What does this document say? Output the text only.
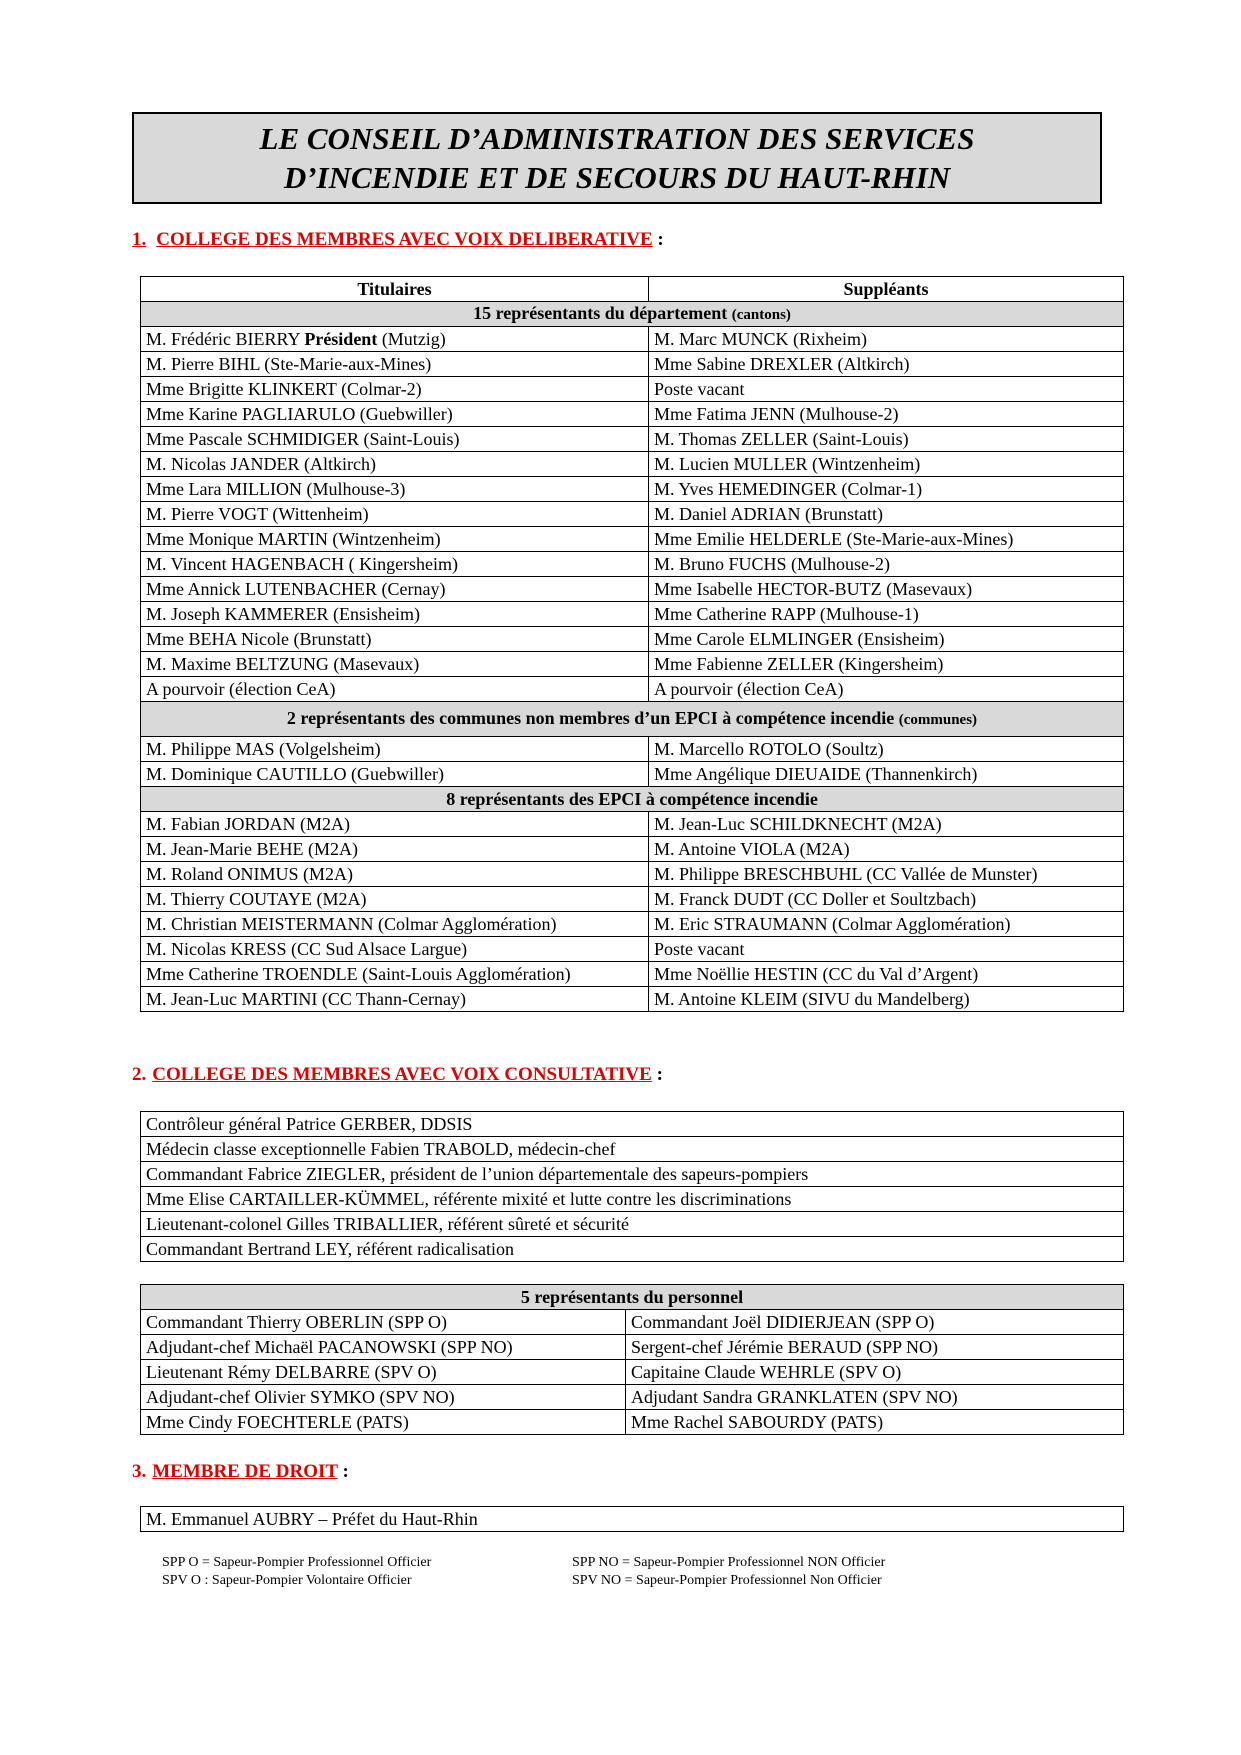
LE CONSEIL D’ADMINISTRATION DES SERVICES
D’INCENDIE ET DE SECOURS DU HAUT-RHIN
1. COLLEGE DES MEMBRES AVEC VOIX DELIBERATIVE :
Titulaires	Suppléants
15 représentants du département (cantons)	
M. Frédéric BIERRY Président (Mutzig)	M. Marc MUNCK (Rixheim)
M. Pierre BIHL (Ste-Marie-aux-Mines)	Mme Sabine DREXLER (Altkirch)
Mme Brigitte KLINKERT (Colmar-2)	Poste vacant
Mme Karine PAGLIARULO (Guebwiller)	Mme Fatima JENN (Mulhouse-2)
Mme Pascale SCHMIDIGER (Saint-Louis)	M. Thomas ZELLER (Saint-Louis)
M. Nicolas JANDER (Altkirch)	M. Lucien MULLER (Wintzenheim)
Mme Lara MILLION (Mulhouse-3)	M. Yves HEMEDINGER (Colmar-1)
M. Pierre VOGT (Wittenheim)	M. Daniel ADRIAN (Brunstatt)
Mme Monique MARTIN (Wintzenheim)	Mme Emilie HELDERLE (Ste-Marie-aux-Mines)
M. Vincent HAGENBACH ( Kingersheim)	M. Bruno FUCHS (Mulhouse-2)
Mme Annick LUTENBACHER (Cernay)	Mme Isabelle HECTOR-BUTZ (Masevaux)
M. Joseph KAMMERER (Ensisheim)	Mme Catherine RAPP (Mulhouse-1)
Mme BEHA Nicole (Brunstatt)	Mme Carole ELMLINGER (Ensisheim)
M. Maxime BELTZUNG (Masevaux)	Mme Fabienne ZELLER (Kingersheim)
A pourvoir (élection CeA)	A pourvoir (élection CeA)
2 représentants des communes non membres d’un EPCI à compétence incendie (communes)	
M. Philippe MAS (Volgelsheim)	M. Marcello ROTOLO (Soultz)
M. Dominique CAUTILLO (Guebwiller)	Mme Angélique DIEUAIDE (Thannenkirch)
8 représentants des EPCI à compétence incendie	
M. Fabian JORDAN (M2A)	M. Jean-Luc SCHILDKNECHT (M2A)
M. Jean-Marie BEHE (M2A)	M. Antoine VIOLA (M2A)
M. Roland ONIMUS (M2A)	M. Philippe BRESCHBUHL (CC Vallée de Munster)
M. Thierry COUTAYE (M2A)	M. Franck DUDT (CC Doller et Soultzbach)
M. Christian MEISTERMANN (Colmar Agglomération)	M. Eric STRAUMANN (Colmar Agglomération)
M. Nicolas KRESS (CC Sud Alsace Largue)	Poste vacant
Mme Catherine TROENDLE (Saint-Louis Agglomération)	Mme Noëllie HESTIN (CC du Val d’Argent)
M. Jean-Luc MARTINI (CC Thann-Cernay)	M. Antoine KLEIM (SIVU du Mandelberg)
2. COLLEGE DES MEMBRES AVEC VOIX CONSULTATIVE :
Contrôleur général Patrice GERBER, DDSIS
Médecin classe exceptionnelle Fabien TRABOLD, médecin-chef
Commandant Fabrice ZIEGLER, président de l’union départementale des sapeurs-pompiers
Mme Elise CARTAILLER-KÜMMEL, référente mixité et lutte contre les discriminations
Lieutenant-colonel Gilles TRIBALLIER, référent sûreté et sécurité
Commandant Bertrand LEY, référent radicalisation
5 représentants du personnel	
Commandant Thierry OBERLIN (SPP O)	Commandant Joël DIDIERJEAN (SPP O)
Adjudant-chef Michaël PACANOWSKI (SPP NO)	Sergent-chef Jérémie BERAUD (SPP NO)
Lieutenant Rémy DELBARRE (SPV O)	Capitaine Claude WEHRLE (SPV O)
Adjudant-chef Olivier SYMKO (SPV NO)	Adjudant Sandra GRANKLATEN (SPV NO)
Mme Cindy FOECHTERLE (PATS)	Mme Rachel SABOURDY (PATS)
3. MEMBRE DE DROIT :
M. Emmanuel AUBRY – Préfet du Haut-Rhin
SPP O = Sapeur-Pompier Professionnel Officier
SPV O : Sapeur-Pompier Volontaire Officier
SPP NO = Sapeur-Pompier Professionnel NON Officier
SPV NO = Sapeur-Pompier Professionnel Non Officier
